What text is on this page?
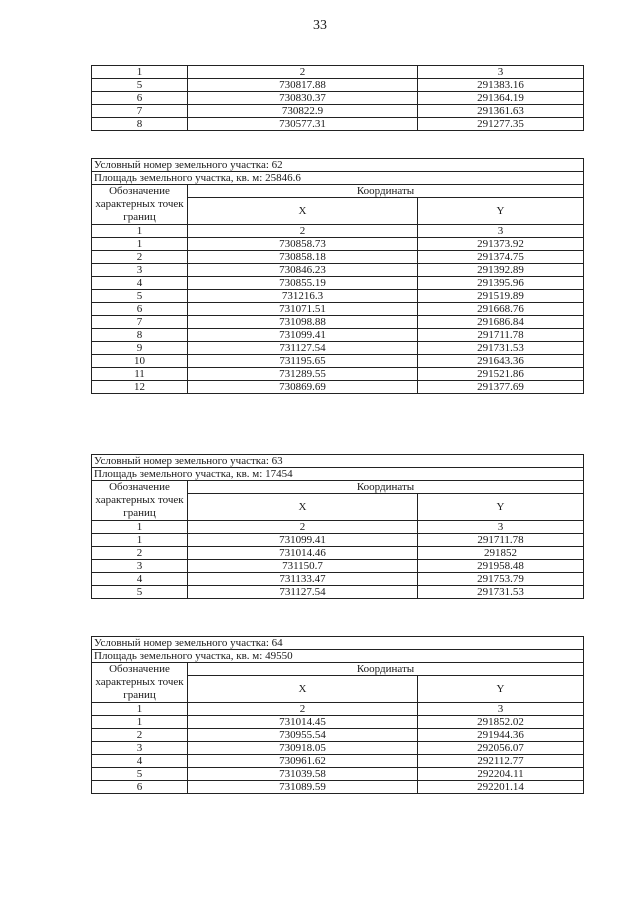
33
1	2	3
5	730817.88	291383.16
6	730830.37	291364.19
7	730822.9	291361.63
8	730577.31	291277.35
Условный номер земельного участка: 62		
Площадь земельного участка, кв. м: 25846.6		
Обозначение характерных точек границ	Координаты	
	X	Y
1	2	3
1	730858.73	291373.92
2	730858.18	291374.75
3	730846.23	291392.89
4	730855.19	291395.96
5	731216.3	291519.89
6	731071.51	291668.76
7	731098.88	291686.84
8	731099.41	291711.78
9	731127.54	291731.53
10	731195.65	291643.36
11	731289.55	291521.86
12	730869.69	291377.69
Условный номер земельного участка: 63		
Площадь земельного участка, кв. м: 17454		
Обозначение характерных точек границ	Координаты	
	X	Y
1	2	3
1	731099.41	291711.78
2	731014.46	291852
3	731150.7	291958.48
4	731133.47	291753.79
5	731127.54	291731.53
Условный номер земельного участка: 64		
Площадь земельного участка, кв. м: 49550		
Обозначение характерных точек границ	Координаты	
	X	Y
1	2	3
1	731014.45	291852.02
2	730955.54	291944.36
3	730918.05	292056.07
4	730961.62	292112.77
5	731039.58	292204.11
6	731089.59	292201.14
